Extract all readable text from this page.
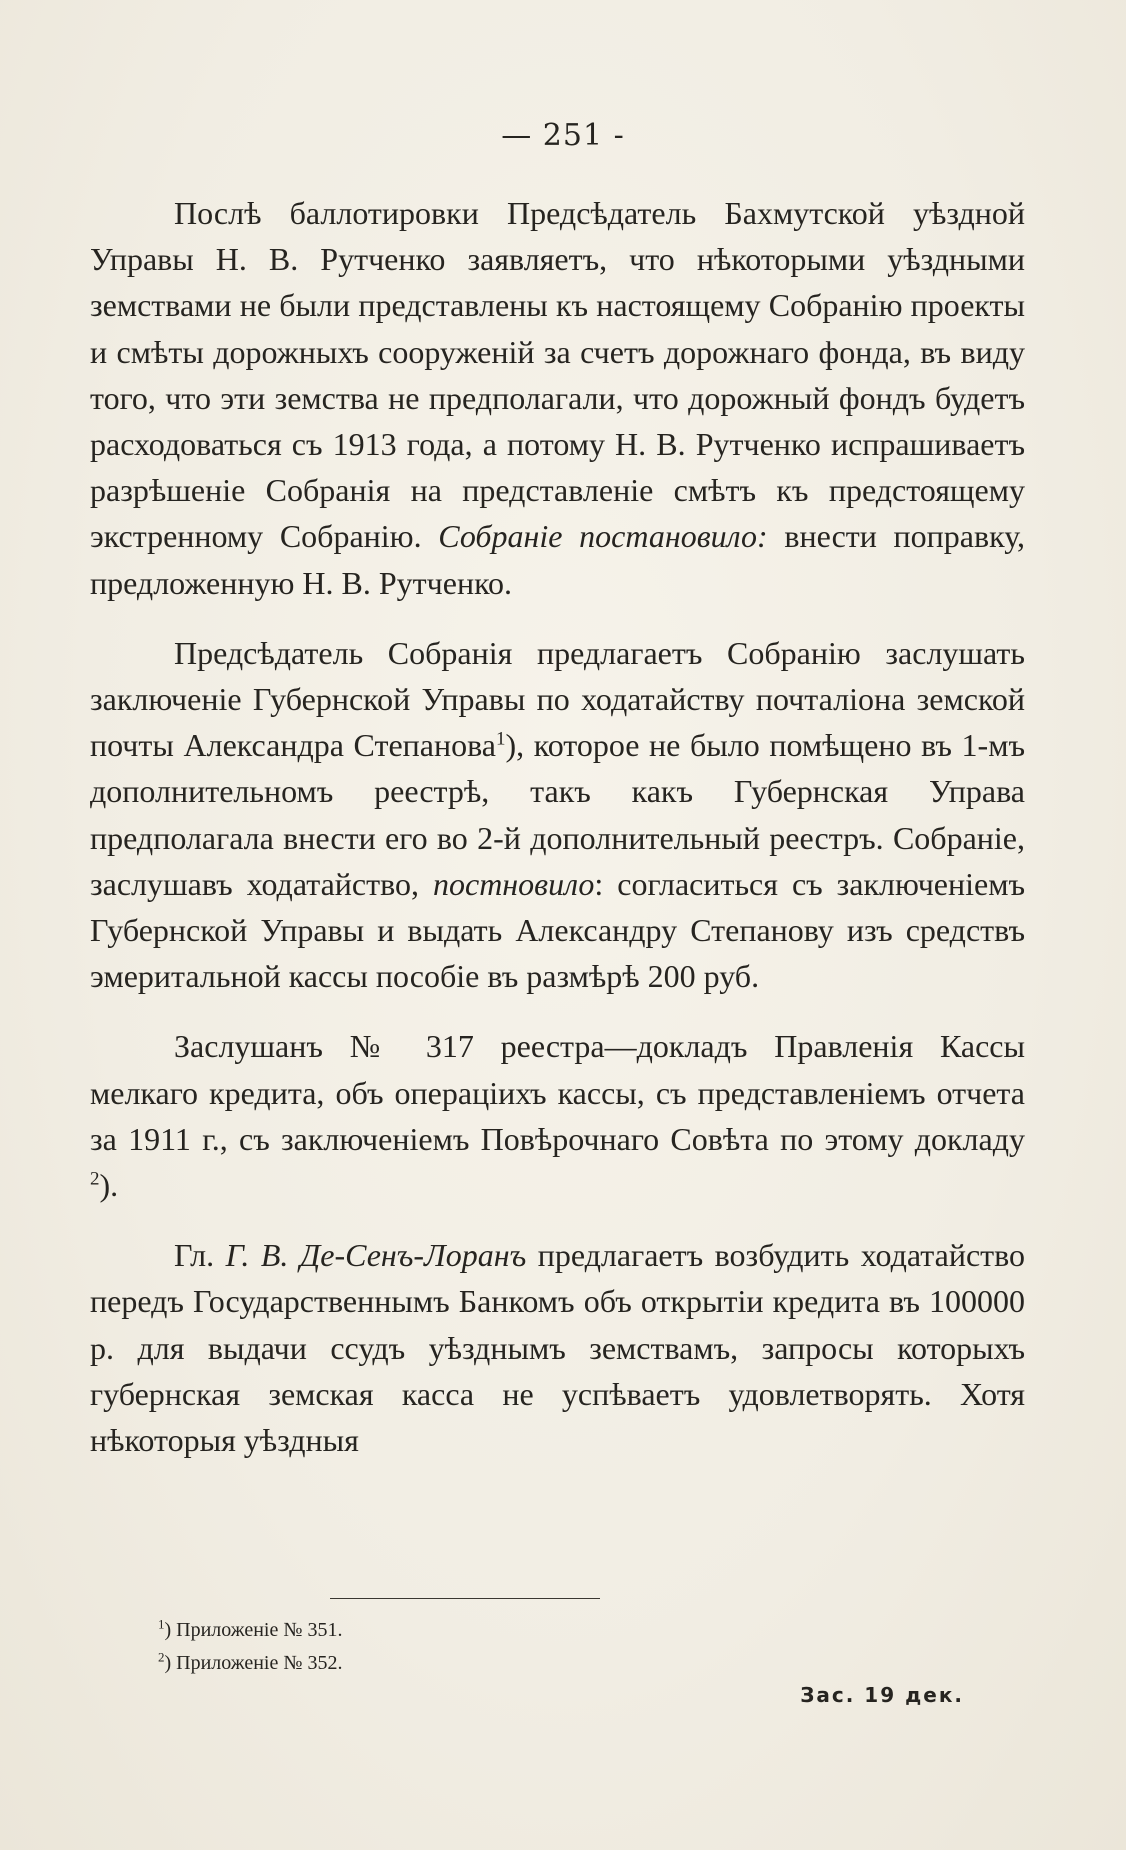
— 251 -

Послѣ баллотировки Предсѣдатель Бахмутской уѣздной Управы Н. В. Рутченко заявляетъ, что нѣкоторыми уѣздными земствами не были представлены къ настоящему Собранію проекты и смѣты дорожныхъ сооруженій за счетъ дорожнаго фонда, въ виду того, что эти земства не предполагали, что дорожный фондъ будетъ расходоваться съ 1913 года, а потому Н. В. Рутченко испрашиваетъ разрѣшеніе Собранія на представленіе смѣтъ къ предстоящему экстренному Собранію. Собраніе постановило: внести поправку, предложенную Н. В. Рутченко.

Предсѣдатель Собранія предлагаетъ Собранію заслушать заключеніе Губернской Управы по ходатайству почталіона земской почты Александра Степанова$^1$), которое не было помѣщено въ 1-мъ дополнительномъ реестрѣ, такъ какъ Губернская Управа предполагала внести его во 2-й дополнительный реестръ. Собраніе, заслушавъ ходатайство, постновило: согласиться съ заключеніемъ Губернской Управы и выдать Александру Степанову изъ средствъ эмеритальной кассы пособіе въ размѣрѣ 200 руб.

Заслушанъ № 317 реестра—докладъ Правленія Кассы мелкаго кредита, объ операціихъ кассы, съ представленіемъ отчета за 1911 г., съ заключеніемъ Повѣрочнаго Совѣта по этому докладу $^2$).

Гл. Г. В. Де-Сенъ-Лоранъ предлагаетъ возбудить ходатайство передъ Государственнымъ Банкомъ объ открытіи кредита въ 100000 р. для выдачи ссудъ уѣзднымъ земствамъ, запросы которыхъ губернская земская касса не успѣваетъ удовлетворять. Хотя нѣкоторыя уѣздныя

$^1$) Приложеніе № 351.
$^2$) Приложеніе № 352.
Зас. 19 дек.
